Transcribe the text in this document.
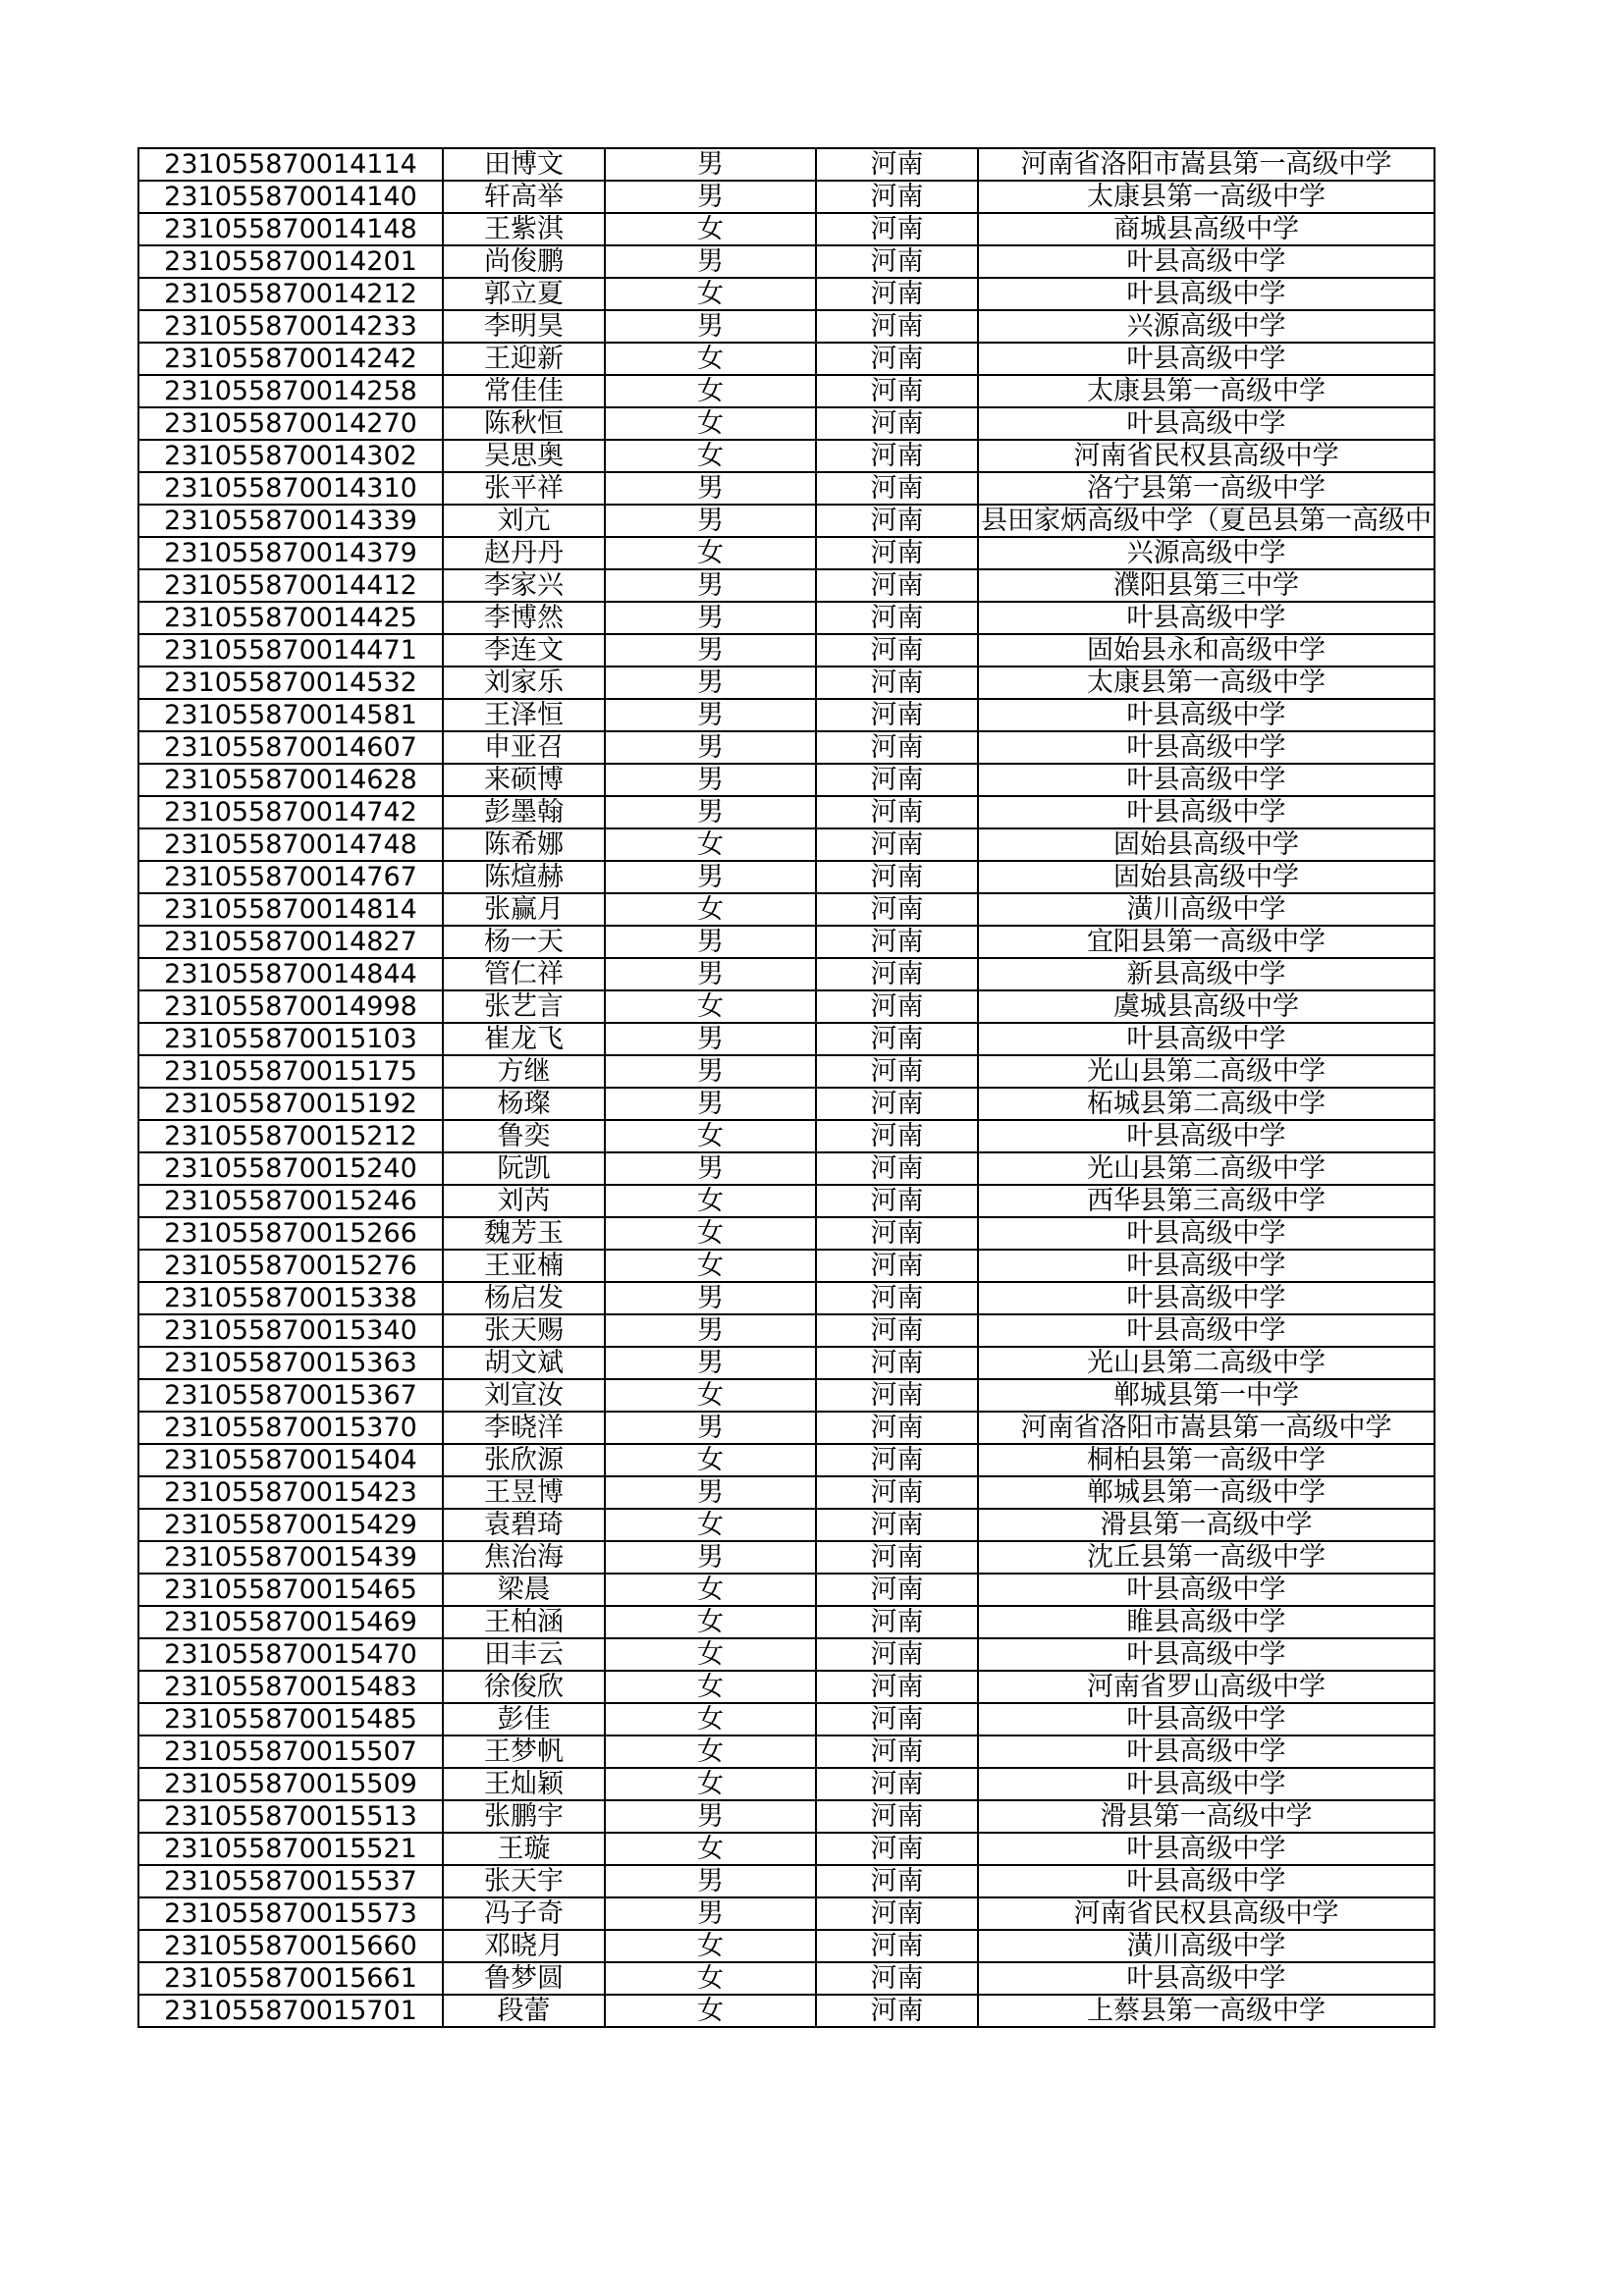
231055870014114	田博文	男	河南	河南省洛阳市嵩县第一高级中学
231055870014140	轩高举	男	河南	太康县第一高级中学
231055870014148	王紫淇	女	河南	商城县高级中学
231055870014201	尚俊鹏	男	河南	叶县高级中学
231055870014212	郭立夏	女	河南	叶县高级中学
231055870014233	李明昊	男	河南	兴源高级中学
231055870014242	王迎新	女	河南	叶县高级中学
231055870014258	常佳佳	女	河南	太康县第一高级中学
231055870014270	陈秋恒	女	河南	叶县高级中学
231055870014302	吴思奥	女	河南	河南省民权县高级中学
231055870014310	张平祥	男	河南	洛宁县第一高级中学
231055870014339	刘亢	男	河南	县田家炳高级中学（夏邑县第一高级中
231055870014379	赵丹丹	女	河南	兴源高级中学
231055870014412	李家兴	男	河南	濮阳县第三中学
231055870014425	李博然	男	河南	叶县高级中学
231055870014471	李连文	男	河南	固始县永和高级中学
231055870014532	刘家乐	男	河南	太康县第一高级中学
231055870014581	王泽恒	男	河南	叶县高级中学
231055870014607	申亚召	男	河南	叶县高级中学
231055870014628	来硕博	男	河南	叶县高级中学
231055870014742	彭墨翰	男	河南	叶县高级中学
231055870014748	陈希娜	女	河南	固始县高级中学
231055870014767	陈煊赫	男	河南	固始县高级中学
231055870014814	张赢月	女	河南	潢川高级中学
231055870014827	杨一天	男	河南	宜阳县第一高级中学
231055870014844	管仁祥	男	河南	新县高级中学
231055870014998	张艺言	女	河南	虞城县高级中学
231055870015103	崔龙飞	男	河南	叶县高级中学
231055870015175	方继	男	河南	光山县第二高级中学
231055870015192	杨璨	男	河南	柘城县第二高级中学
231055870015212	鲁奕	女	河南	叶县高级中学
231055870015240	阮凯	男	河南	光山县第二高级中学
231055870015246	刘芮	女	河南	西华县第三高级中学
231055870015266	魏芳玉	女	河南	叶县高级中学
231055870015276	王亚楠	女	河南	叶县高级中学
231055870015338	杨启发	男	河南	叶县高级中学
231055870015340	张天赐	男	河南	叶县高级中学
231055870015363	胡文斌	男	河南	光山县第二高级中学
231055870015367	刘宣汝	女	河南	郸城县第一中学
231055870015370	李晓洋	男	河南	河南省洛阳市嵩县第一高级中学
231055870015404	张欣源	女	河南	桐柏县第一高级中学
231055870015423	王昱博	男	河南	郸城县第一高级中学
231055870015429	袁碧琦	女	河南	滑县第一高级中学
231055870015439	焦治海	男	河南	沈丘县第一高级中学
231055870015465	梁晨	女	河南	叶县高级中学
231055870015469	王柏涵	女	河南	睢县高级中学
231055870015470	田丰云	女	河南	叶县高级中学
231055870015483	徐俊欣	女	河南	河南省罗山高级中学
231055870015485	彭佳	女	河南	叶县高级中学
231055870015507	王梦帆	女	河南	叶县高级中学
231055870015509	王灿颖	女	河南	叶县高级中学
231055870015513	张鹏宇	男	河南	滑县第一高级中学
231055870015521	王璇	女	河南	叶县高级中学
231055870015537	张天宇	男	河南	叶县高级中学
231055870015573	冯子奇	男	河南	河南省民权县高级中学
231055870015660	邓晓月	女	河南	潢川高级中学
231055870015661	鲁梦圆	女	河南	叶县高级中学
231055870015701	段蕾	女	河南	上蔡县第一高级中学
